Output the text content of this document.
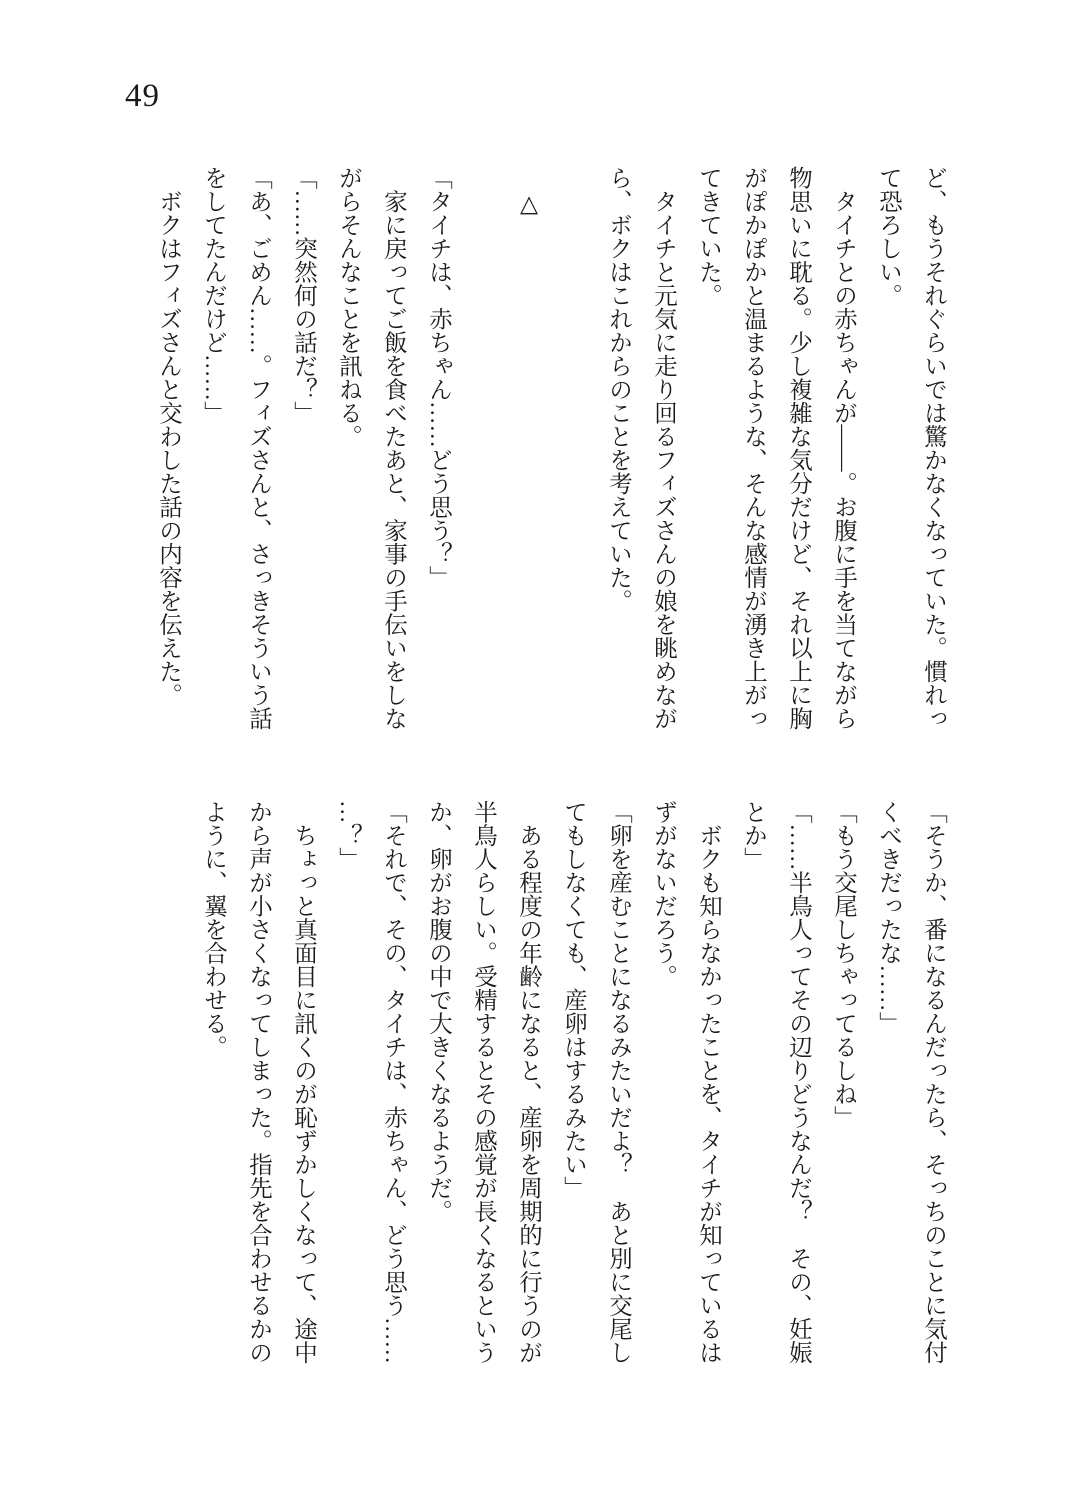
49

ど、もうそれぐらいでは驚かなくなっていた。慣れっ

て恐ろしい。

　タイチとの赤ちゃんが――。お腹に手を当てながら

物思いに耽る。少し複雑な気分だけど、それ以上に胸

がぽかぽかと温まるような、そんな感情が湧き上がっ

てきていた。

　タイチと元気に走り回るフィズさんの娘を眺めなが

ら、ボクはこれからのことを考えていた。

　△

「タイチは、赤ちゃん……どう思う？」

　家に戻ってご飯を食べたあと、家事の手伝いをしな

がらそんなことを訊ねる。

「……突然何の話だ？」

「あ、ごめん……。フィズさんと、さっきそういう話

をしてたんだけど……」

　ボクはフィズさんと交わした話の内容を伝えた。

「そうか、番になるんだったら、そっちのことに気付

くべきだったな……」

「もう交尾しちゃってるしね」

「……半鳥人ってその辺りどうなんだ？　その、妊娠

とか」

　ボクも知らなかったことを、タイチが知っているは

ずがないだろう。

「卵を産むことになるみたいだよ？　あと別に交尾し

てもしなくても、産卵はするみたい」

　ある程度の年齢になると、産卵を周期的に行うのが

半鳥人らしい。受精するとその感覚が長くなるという

か、卵がお腹の中で大きくなるようだ。

「それで、その、タイチは、赤ちゃん、どう思う……

…？」

　ちょっと真面目に訊くのが恥ずかしくなって、途中

から声が小さくなってしまった。指先を合わせるかの

ように、翼を合わせる。
